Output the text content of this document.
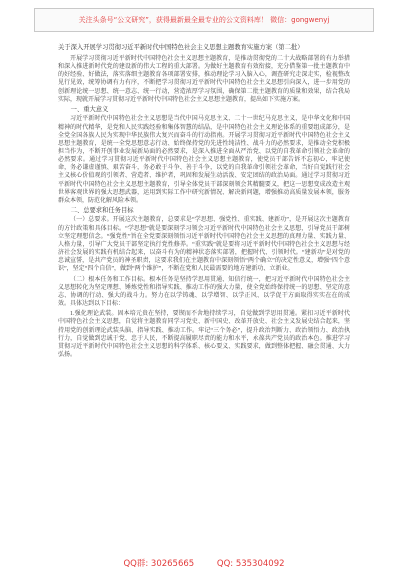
关注头条号“公文研究”，获得最新最全最专业的公文资料库！ 微信：gongwenyj

关于深入开展学习贯彻习近平新时代中国特色社会主义思想主题教育实施方案（第二批）

开展学习贯彻习近平新时代中国特色社会主义思想主题教育，是推动贯彻党的二十大战略部署的有力举措和深入推进新时代党的建设新的伟大工程的重大部署。为做好主题教育有效衔接，充分借鉴第一批主题教育中的好经验、好做法，落实落细主题教育各项部署安排，推动理论学习入脑入心，调查研究走深走实，检视整改见行见效，统筹协调有力有序，不断把学习贯彻习近平新时代中国特色社会主义思想引向深入，进一步用党的创新理论统一思想、统一意志、统一行动，营造浓厚学习氛围，确保第二批主题教育的质量和效果，结合我局实际，现就开展学习贯彻习近平新时代中国特色社会主义思想主题教育，提出如下实施方案。

一、重大意义

习近平新时代中国特色社会主义思想是当代中国马克思主义、二十一世纪马克思主义，是中华文化和中国精神的时代精华，是党和人民实践经验和集体智慧的结晶，是中国特色社会主义理论体系的重要组成部分，是全党全国各族人民为实现中华民族伟大复兴而奋斗的行动指南。开展学习贯彻习近平新时代中国特色社会主义思想主题教育，是统一全党思想意志行动、始终保持党的先进性纯洁性、战斗力的必然要求，是推动全党积极担当作为，不断开创事业发展新局面的必然要求，是深入推进全面从严治党、以党的自我革命引领社会革命的必然要求。通过学习贯彻习近平新时代中国特色社会主义思想主题教育，使党员干部告诉不忘初心，牢记使命，务必谦虚谨慎、艰苦奋斗，务必敢于斗争、善于斗争，以党的自我革命引领社会革命，当好自觉践行社会主义核心价值观的引领者、营造者、维护者，巩固和发展生动活泼、安定团结的政治局面。通过学习贯彻习近平新时代中国特色社会主义思想主题教育，引导全体党员干部深刻领会其精髓要义，把这一思想变成改造主观世界客观世界的强大思想武器，运用到实际工作中研究新情况、解决新问题，增强推动高质量发展本领，服务群众本领，防范化解风险本领。

二、总要求和任务目标

（一）总要求。开展这次主题教育，总要求是“学思想、强党性、重实践、建新功”，是开展这次主题教育的方针政策和具体目标。“学思想”就是要深刻学习领会习近平新时代中国特色社会主义思想，引导党员干部树立坚定理想信念。“强党性”旨在全党要深刻领悟习近平新时代中国特色社会主义思想的真理力量、实践力量、人格力量，引导广大党员干部坚定执行党性修养。“重实践”就是要将习近平新时代中国特色社会主义思想与经济社会发展的实践有机结合起来，以奋斗有为的精神状态落实部署，把握时代、引领时代。“建新功”是对党的忠诚宣誓，是共产党员的神圣职责，这要求我们在主题教育中深刻领悟“两个确立”的决定性意义，增强“四个意识”，坚定“四个自信”，做到“两个维护”，不断在党和人民最需要的地方建新功、立新业。

（二）根本任务和工作目标。根本任务是坚持学思用贯通、知信行统一，把习近平新时代中国特色社会主义思想转化为坚定理想、锤炼党性和指导实践、推动工作的强大力量，使全党始终保持统一的思想、坚定的意志、协调的行动、强大的战斗力。努力在以学铸魂、以学增智、以学正风、以学促干方面取得实实在在的成效。具体达到以下目标：

1.强化理论武装。固本培元贵在坚持，要锲而不舍地持续学习，自觉做到学思用贯通。紧扣习近平新时代中国特色社会主义思想，自觉将主题教育同学习党史、新中国史、改革开放史、社会主义发展史结合起来，坚持用党的创新理论武装头脑、指导实践、推动工作。牢记“三个务必”，提升政治判断力、政治领悟力、政治执行力，自觉做到忠诚于党、忠于人民，不断提高履职尽责的能力和水平，永葆共产党员的政治本色。推进学习贯彻习近平新时代中国特色社会主义思想的科学体系、核心要义、实践要求，做到整体把握、融会贯通、大力弘扬。

QQ群: 30265665	QQ: 535304092
